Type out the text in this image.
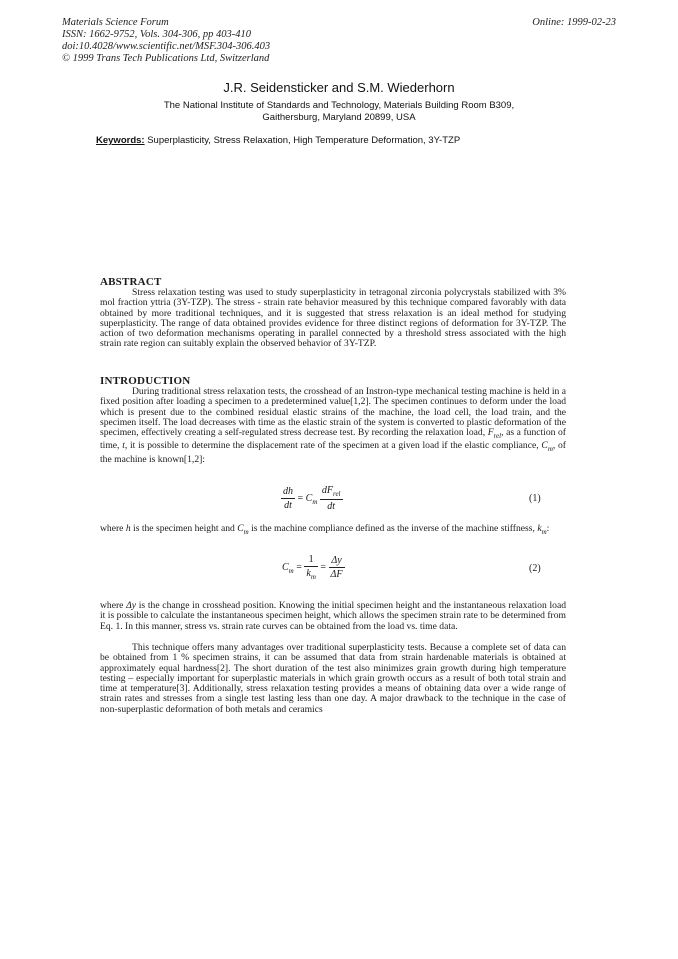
Materials Science Forum
ISSN: 1662-9752, Vols. 304-306, pp 403-410
doi:10.4028/www.scientific.net/MSF.304-306.403
© 1999 Trans Tech Publications Ltd, Switzerland
Online: 1999-02-23
J.R. Seidensticker and S.M. Wiederhorn
The National Institute of Standards and Technology, Materials Building Room B309,
Gaithersburg, Maryland 20899, USA
Keywords: Superplasticity, Stress Relaxation, High Temperature Deformation, 3Y-TZP
ABSTRACT
Stress relaxation testing was used to study superplasticity in tetragonal zirconia polycrystals stabilized with 3% mol fraction yttria (3Y-TZP). The stress - strain rate behavior measured by this technique compared favorably with data obtained by more traditional techniques, and it is suggested that stress relaxation is an ideal method for studying superplasticity. The range of data obtained provides evidence for three distinct regions of deformation for 3Y-TZP. The action of two deformation mechanisms operating in parallel connected by a threshold stress associated with the high strain rate region can suitably explain the observed behavior of 3Y-TZP.
INTRODUCTION
During traditional stress relaxation tests, the crosshead of an Instron-type mechanical testing machine is held in a fixed position after loading a specimen to a predetermined value[1,2]. The specimen continues to deform under the load which is present due to the combined residual elastic strains of the machine, the load cell, the load train, and the specimen itself. The load decreases with time as the elastic strain of the system is converted to plastic deformation of the specimen, effectively creating a self-regulated stress decrease test. By recording the relaxation load, $F_{rel}$, as a function of time, t, it is possible to determine the displacement rate of the specimen at a given load if the elastic compliance, $C_m$, of the machine is known[1,2]:
$\frac{dh}{dt} = C_m \frac{dF_{rel}}{dt}$	(1)
where h is the specimen height and $C_m$ is the machine compliance defined as the inverse of the machine stiffness, $k_m$:
$C_m = \frac{1}{k_m} = \frac{\Delta y}{\Delta F}$	(2)
where Δy is the change in crosshead position. Knowing the initial specimen height and the instantaneous relaxation load it is possible to calculate the instantaneous specimen height, which allows the specimen strain rate to be determined from Eq. 1. In this manner, stress vs. strain rate curves can be obtained from the load vs. time data.
This technique offers many advantages over traditional superplasticity tests. Because a complete set of data can be obtained from 1 % specimen strains, it can be assumed that data from strain hardenable materials is obtained at approximately equal hardness[2]. The short duration of the test also minimizes grain growth during high temperature testing – especially important for superplastic materials in which grain growth occurs as a result of both total strain and time at temperature[3]. Additionally, stress relaxation testing provides a means of obtaining data over a wide range of strain rates and stresses from a single test lasting less than one day. A major drawback to the technique in the case of non-superplastic deformation of both metals and ceramics
